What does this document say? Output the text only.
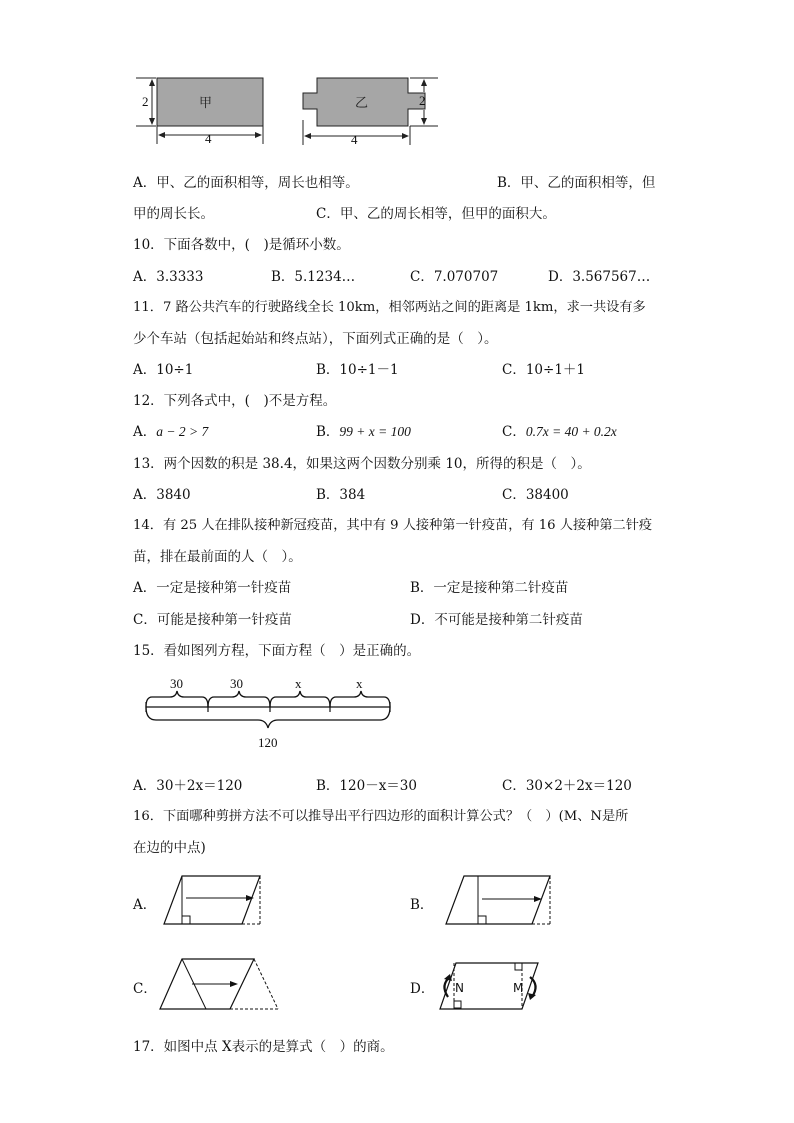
甲
2
4
乙	2
4
A．甲、乙的面积相等，周长也相等。	B．甲、乙的面积相等，但
甲的周长长。	C．甲、乙的周长相等，但甲的面积大。
10．下面各数中，(　)是循环小数。
A．3.3333	B．5.1234…	C．7.070707	D．3.567567…
11．7 路公共汽车的行驶路线全长 10km，相邻两站之间的距离是 1km，求一共设有多
少个车站（包括起始站和终点站），下面列式正确的是（　）。
A．10÷1	B．10÷1－1	C．10÷1＋1
12．下列各式中，(　)不是方程。
A．a − 2 > 7	B．99 + x = 100	C．0.7x = 40 + 0.2x
13．两个因数的积是 38.4，如果这两个因数分别乘 10，所得的积是（　）。
A．3840	B．384	C．38400
14．有 25 人在排队接种新冠疫苗，其中有 9 人接种第一针疫苗，有 16 人接种第二针疫
苗，排在最前面的人（　）。
A．一定是接种第一针疫苗	B．一定是接种第二针疫苗
C．可能是接种第一针疫苗	D．不可能是接种第二针疫苗
15．看如图列方程，下面方程（　）是正确的。
30	30	x	x
120
A．30＋2x＝120	B．120－x＝30	C．30×2＋2x＝120
16．下面哪种剪拼方法不可以推导出平行四边形的面积计算公式？（　）(M、N是所
在边的中点)
A．	B．
C．	D． N	M
17．如图中点 X表示的是算式（　）的商。
